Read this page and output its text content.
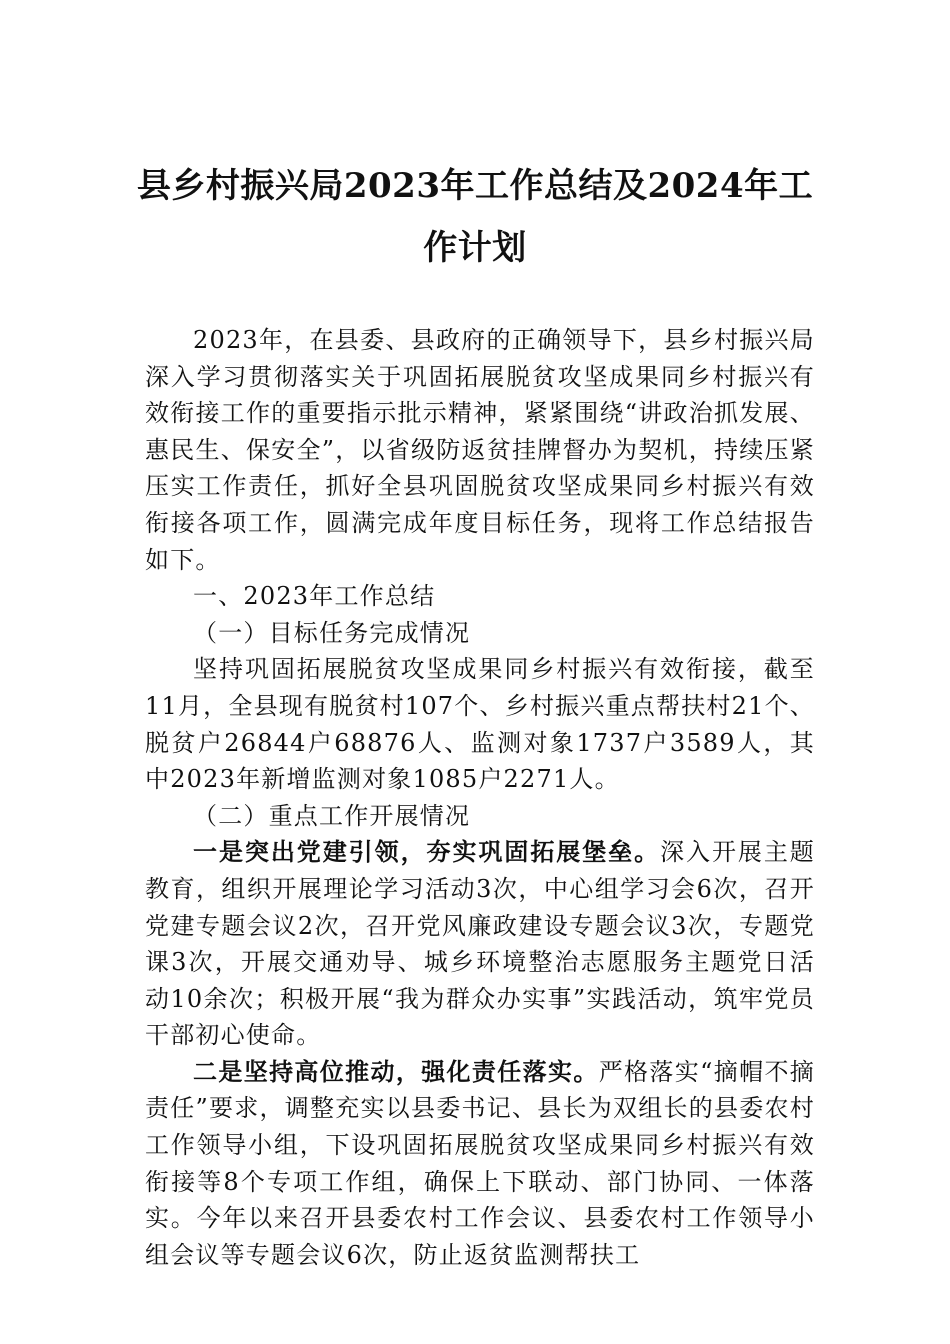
县乡村振兴局2023年工作总结及2024年工
作计划

2023年，在县委、县政府的正确领导下，县乡村振兴局深入学习贯彻落实关于巩固拓展脱贫攻坚成果同乡村振兴有效衔接工作的重要指示批示精神，紧紧围绕“讲政治抓发展、惠民生、保安全”，以省级防返贫挂牌督办为契机，持续压紧压实工作责任，抓好全县巩固脱贫攻坚成果同乡村振兴有效衔接各项工作，圆满完成年度目标任务，现将工作总结报告如下。

一、2023年工作总结

（一）目标任务完成情况

坚持巩固拓展脱贫攻坚成果同乡村振兴有效衔接，截至11月，全县现有脱贫村107个、乡村振兴重点帮扶村21个、脱贫户26844户68876人、监测对象1737户3589人，其中2023年新增监测对象1085户2271人。

（二）重点工作开展情况

一是突出党建引领，夯实巩固拓展堡垒。深入开展主题教育，组织开展理论学习活动3次，中心组学习会6次，召开党建专题会议2次，召开党风廉政建设专题会议3次，专题党课3次，开展交通劝导、城乡环境整治志愿服务主题党日活动10余次；积极开展“我为群众办实事”实践活动，筑牢党员干部初心使命。

二是坚持高位推动，强化责任落实。严格落实“摘帽不摘责任”要求，调整充实以县委书记、县长为双组长的县委农村工作领导小组，下设巩固拓展脱贫攻坚成果同乡村振兴有效衔接等8个专项工作组，确保上下联动、部门协同、一体落实。今年以来召开县委农村工作会议、县委农村工作领导小组会议等专题会议6次，防止返贫监测帮扶工
